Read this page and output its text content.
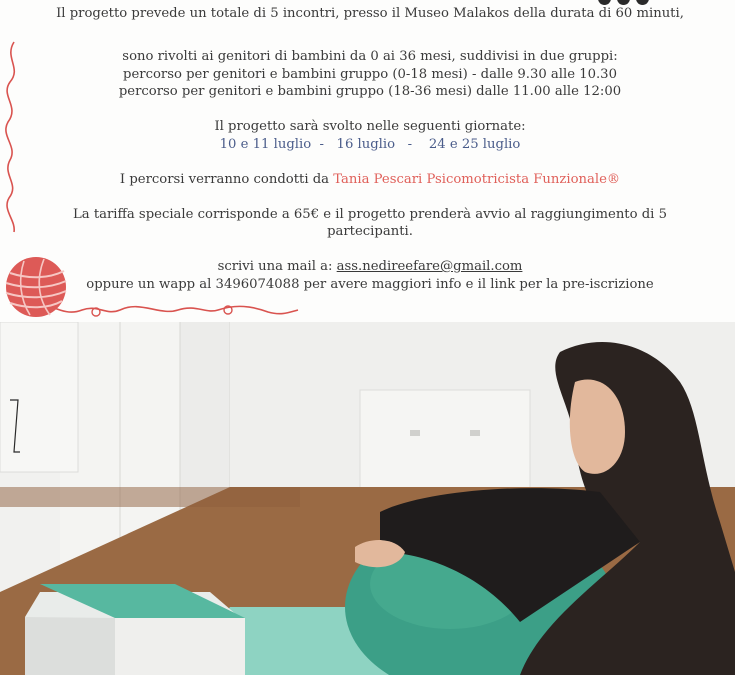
Il progetto prevede un totale di 5 incontri, presso il Museo Malakos della durata di 60 minuti,

sono rivolti ai genitori di bambini da 0 ai 36 mesi, suddivisi in due gruppi:

percorso per genitori e bambini gruppo (0-18 mesi) - dalle 9.30 alle 10.30

percorso per genitori e bambini gruppo (18-36 mesi) dalle 11.00 alle 12:00

Il progetto sarà svolto nelle seguenti giornate:

10 e 11 luglio  -   16 luglio   -    24 e 25 luglio

I percorsi verranno condotti da Tania Pescari Psicomotricista Funzionale®

La tariffa speciale corrisponde a 65€ e il progetto prenderà avvio al raggiungimento di 5

partecipanti.

scrivi una mail a: ass.nedireefare@gmail.com

oppure un wapp al 3496074088 per avere maggiori info e il link per la pre-iscrizione
